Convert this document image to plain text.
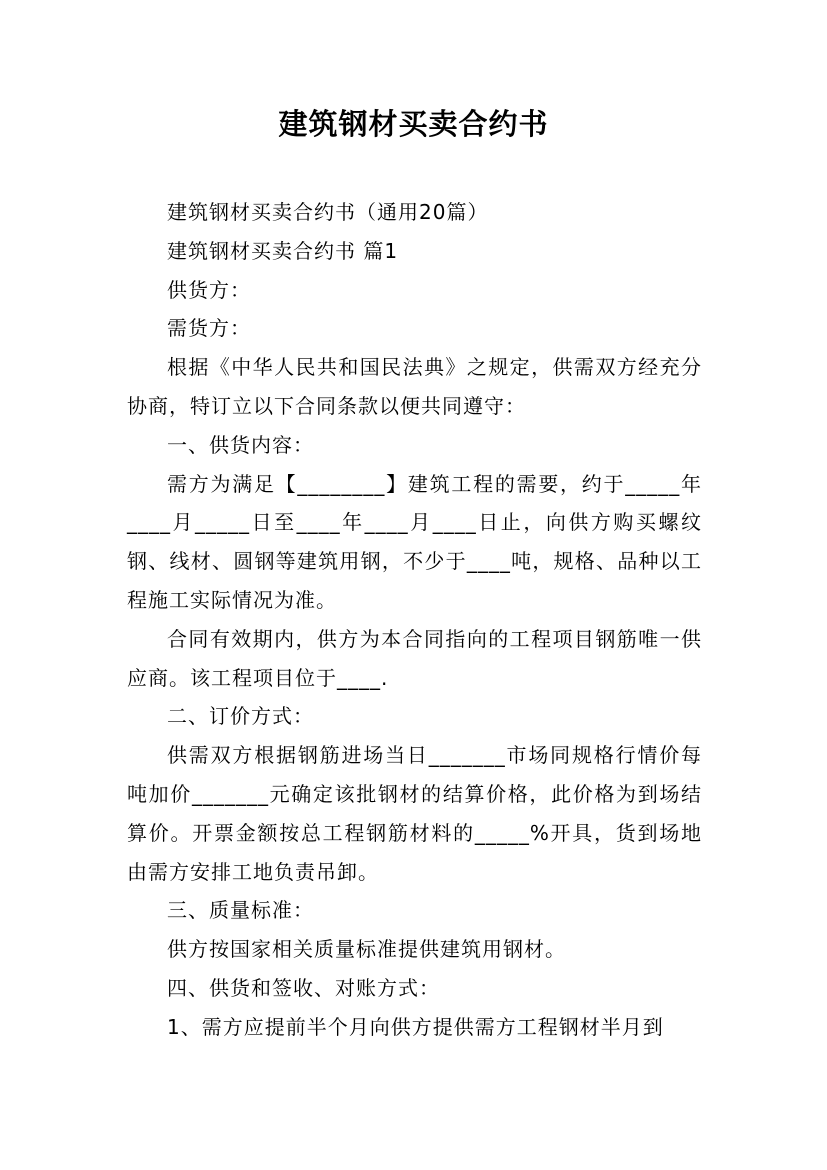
建筑钢材买卖合约书

建筑钢材买卖合约书（通用20篇）

建筑钢材买卖合约书 篇1

供货方：

需货方：

根据《中华人民共和国民法典》之规定，供需双方经充分协商，特订立以下合同条款以便共同遵守：

一、供货内容：

需方为满足【________】建筑工程的需要，约于_____年____月_____日至____年____月____日止，向供方购买螺纹钢、线材、圆钢等建筑用钢，不少于____吨，规格、品种以工程施工实际情况为准。

合同有效期内，供方为本合同指向的工程项目钢筋唯一供应商。该工程项目位于____.

二、订价方式：

供需双方根据钢筋进场当日_______市场同规格行情价每吨加价_______元确定该批钢材的结算价格，此价格为到场结算价。开票金额按总工程钢筋材料的_____%开具，货到场地由需方安排工地负责吊卸。

三、质量标准：

供方按国家相关质量标准提供建筑用钢材。

四、供货和签收、对账方式：

1、需方应提前半个月向供方提供需方工程钢材半月到
